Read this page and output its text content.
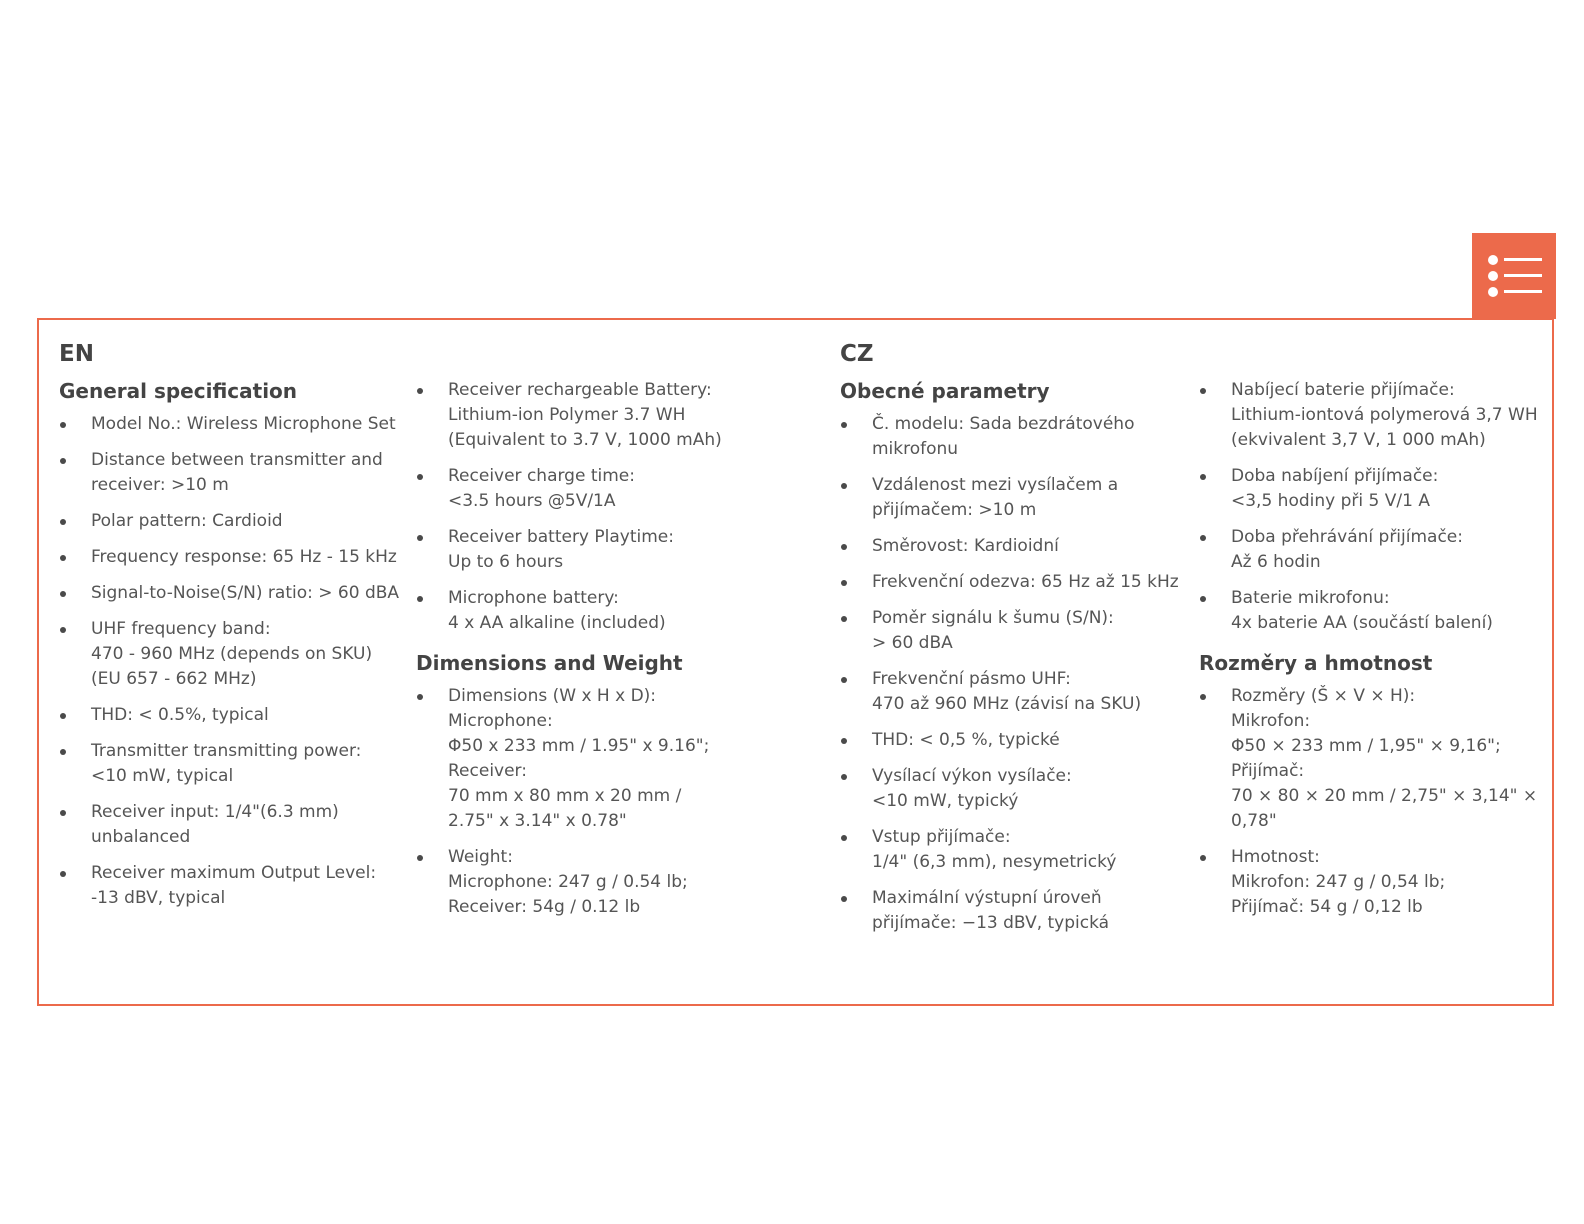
EN
General specification
Model No.: Wireless Microphone Set
Distance between transmitter and
receiver: >10 m
Polar pattern: Cardioid
Frequency response: 65 Hz - 15 kHz
Signal-to-Noise(S/N) ratio: > 60 dBA
UHF frequency band:
470 - 960 MHz (depends on SKU)
(EU 657 - 662 MHz)
THD: < 0.5%, typical
Transmitter transmitting power:
<10 mW, typical
Receiver input: 1/4"(6.3 mm)
unbalanced
Receiver maximum Output Level:
-13 dBV, typical
Receiver rechargeable Battery:
Lithium-ion Polymer 3.7 WH
(Equivalent to 3.7 V, 1000 mAh)
Receiver charge time:
<3.5 hours @5V/1A
Receiver battery Playtime:
Up to 6 hours
Microphone battery:
4 x AA alkaline (included)
Dimensions and Weight
Dimensions (W x H x D):
Microphone:
Φ50 x 233 mm / 1.95" x 9.16";
Receiver:
70 mm x 80 mm x 20 mm /
2.75" x 3.14" x 0.78"
Weight:
Microphone: 247 g / 0.54 lb;
Receiver: 54g / 0.12 lb
CZ
Obecné parametry
Č. modelu: Sada bezdrátového
mikrofonu
Vzdálenost mezi vysílačem a
přijímačem: >10 m
Směrovost: Kardioidní
Frekvenční odezva: 65 Hz až 15 kHz
Poměr signálu k šumu (S/N):
> 60 dBA
Frekvenční pásmo UHF:
470 až 960 MHz (závisí na SKU)
THD: < 0,5 %, typické
Vysílací výkon vysílače:
<10 mW, typický
Vstup přijímače:
1/4" (6,3 mm), nesymetrický
Maximální výstupní úroveň
přijímače: −13 dBV, typická
Nabíjecí baterie přijímače:
Lithium-iontová polymerová 3,7 WH
(ekvivalent 3,7 V, 1 000 mAh)
Doba nabíjení přijímače:
<3,5 hodiny při 5 V/1 A
Doba přehrávání přijímače:
Až 6 hodin
Baterie mikrofonu:
4x baterie AA (součástí balení)
Rozměry a hmotnost
Rozměry (Š × V × H):
Mikrofon:
Φ50 × 233 mm / 1,95" × 9,16";
Přijímač:
70 × 80 × 20 mm / 2,75" × 3,14" × 0,78"
Hmotnost:
Mikrofon: 247 g / 0,54 lb;
Přijímač: 54 g / 0,12 lb
